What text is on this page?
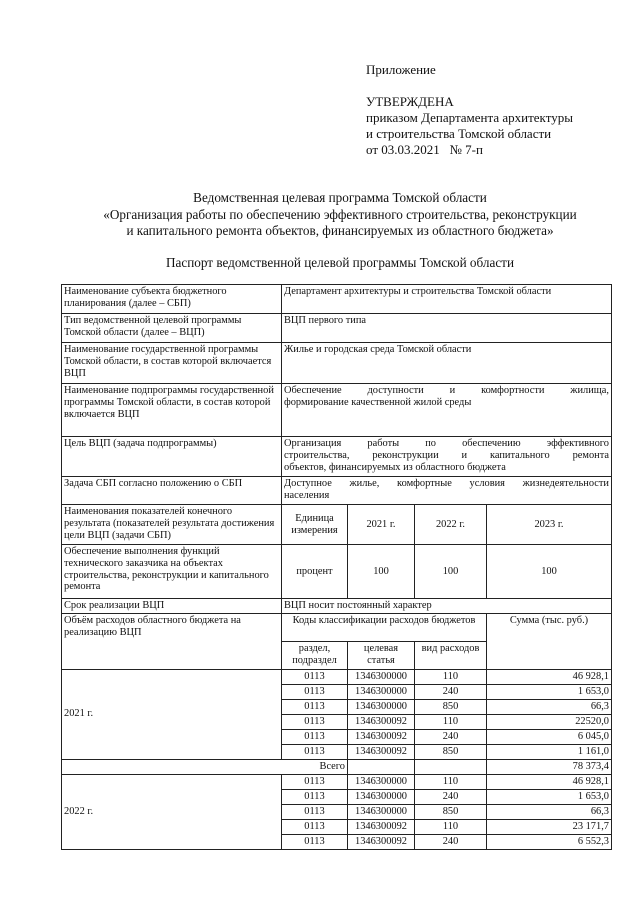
Приложение
УТВЕРЖДЕНА
приказом Департамента архитектуры
и строительства Томской области
от 03.03.2021   № 7-п
Ведомственная целевая программа Томской области
«Организация работы по обеспечению эффективного строительства, реконструкции
и капитального ремонта объектов, финансируемых из областного бюджета»
Паспорт ведомственной целевой программы Томской области
Наименование субъекта бюджетного планирования (далее – СБП)	Департамент архитектуры и строительства Томской области			
Тип ведомственной целевой программы Томской области (далее – ВЦП)	ВЦП первого типа			
Наименование государственной программы Томской области, в состав которой включается ВЦП	Жилье и городская среда Томской области			
Наименование подпрограммы государственной программы Томской области, в состав которой включается ВЦП	Обеспечение доступности и комфортности жилища,
формирование качественной жилой среды			

Цель ВЦП (задача подпрограммы)	Организация работы по обеспечению эффективного
строительства, реконструкции и капитального ремонта
объектов, финансируемых из областного бюджета			

Задача СБП согласно положению о СБП	Доступное жилье, комфортные условия жизнедеятельности
населения			

Наименования показателей конечного результата (показателей результата достижения цели ВЦП (задачи СБП)	Единица измерения	2021 г.	2022 г.	2023 г.
Обеспечение выполнения функций технического заказчика на объектах строительства, реконструкции и капитального ремонта	процент	100	100	100
Срок реализации ВЦП	ВЦП носит постоянный характер			
Объём расходов областного бюджета на реализацию ВЦП	Коды классификации расходов бюджетов			Сумма (тыс. руб.)
	раздел, подраздел	целевая статья	вид расходов	
2021 г.	0113	1346300000	110	46 928,1
	0113	1346300000	240	1 653,0
	0113	1346300000	850	66,3
	0113	1346300092	110	22520,0
	0113	1346300092	240	6 045,0
	0113	1346300092	850	1 161,0
Всего				78 373,4
2022 г.	0113	1346300000	110	46 928,1
	0113	1346300000	240	1 653,0
	0113	1346300000	850	66,3
	0113	1346300092	110	23 171,7
	0113	1346300092	240	6 552,3
